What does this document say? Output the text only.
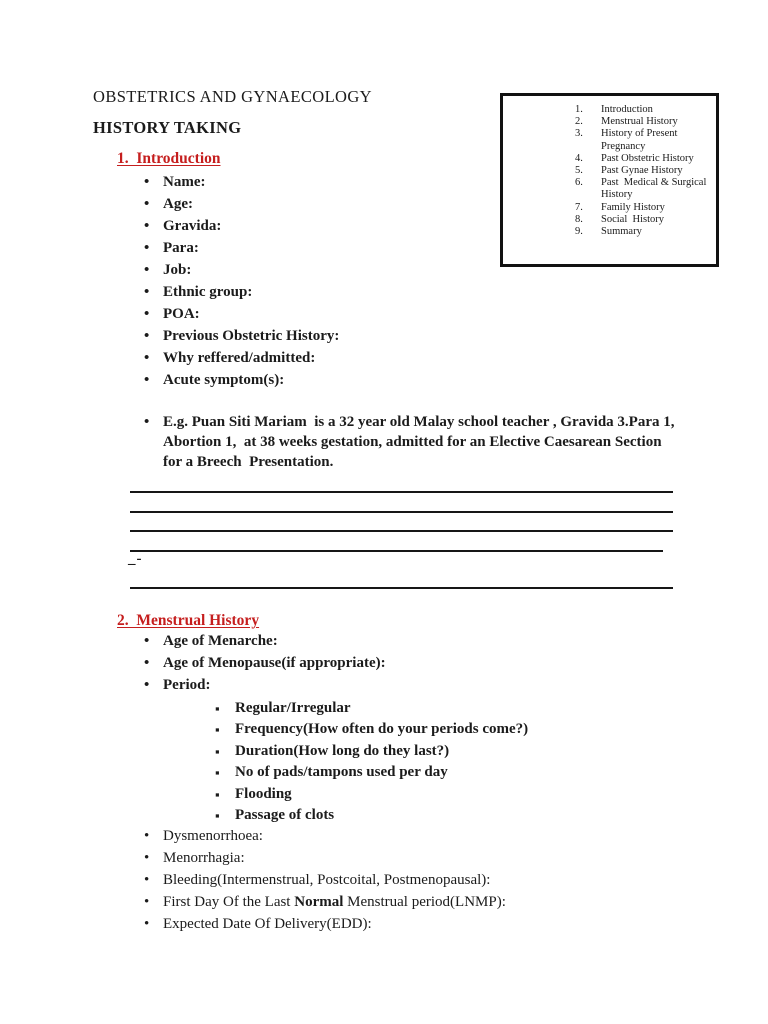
OBSTETRICS AND GYNAECOLOGY
HISTORY TAKING
1.	Introduction
2.	Menstrual History
3.	History of Present Pregnancy
4.	Past Obstetric History
5.	Past Gynae History
6.	Past  Medical & Surgical  History
7.	Family History
8.	Social  History
9.	Summary
1.  Introduction
• Name:
• Age:
• Gravida:
• Para:
• Job:
• Ethnic group:
• POA:
• Previous Obstetric History:
• Why reffered/admitted:
• Acute symptom(s):
• E.g. Puan Siti Mariam  is a 32 year old Malay school teacher , Gravida 3.Para 1, Abortion 1,  at 38 weeks gestation, admitted for an Elective Caesarean Section for a Breech  Presentation.
_-
2.  Menstrual History
• Age of Menarche:
• Age of Menopause(if appropriate):
• Period:
▪	Regular/Irregular
▪	Frequency(How often do your periods come?)
▪	Duration(How long do they last?)
▪	No of pads/tampons used per day
▪	Flooding
▪	Passage of clots
• Dysmenorrhoea:
• Menorrhagia:
• Bleeding(Intermenstrual, Postcoital, Postmenopausal):
• First Day Of the Last Normal Menstrual period(LNMP):
• Expected Date Of Delivery(EDD):
